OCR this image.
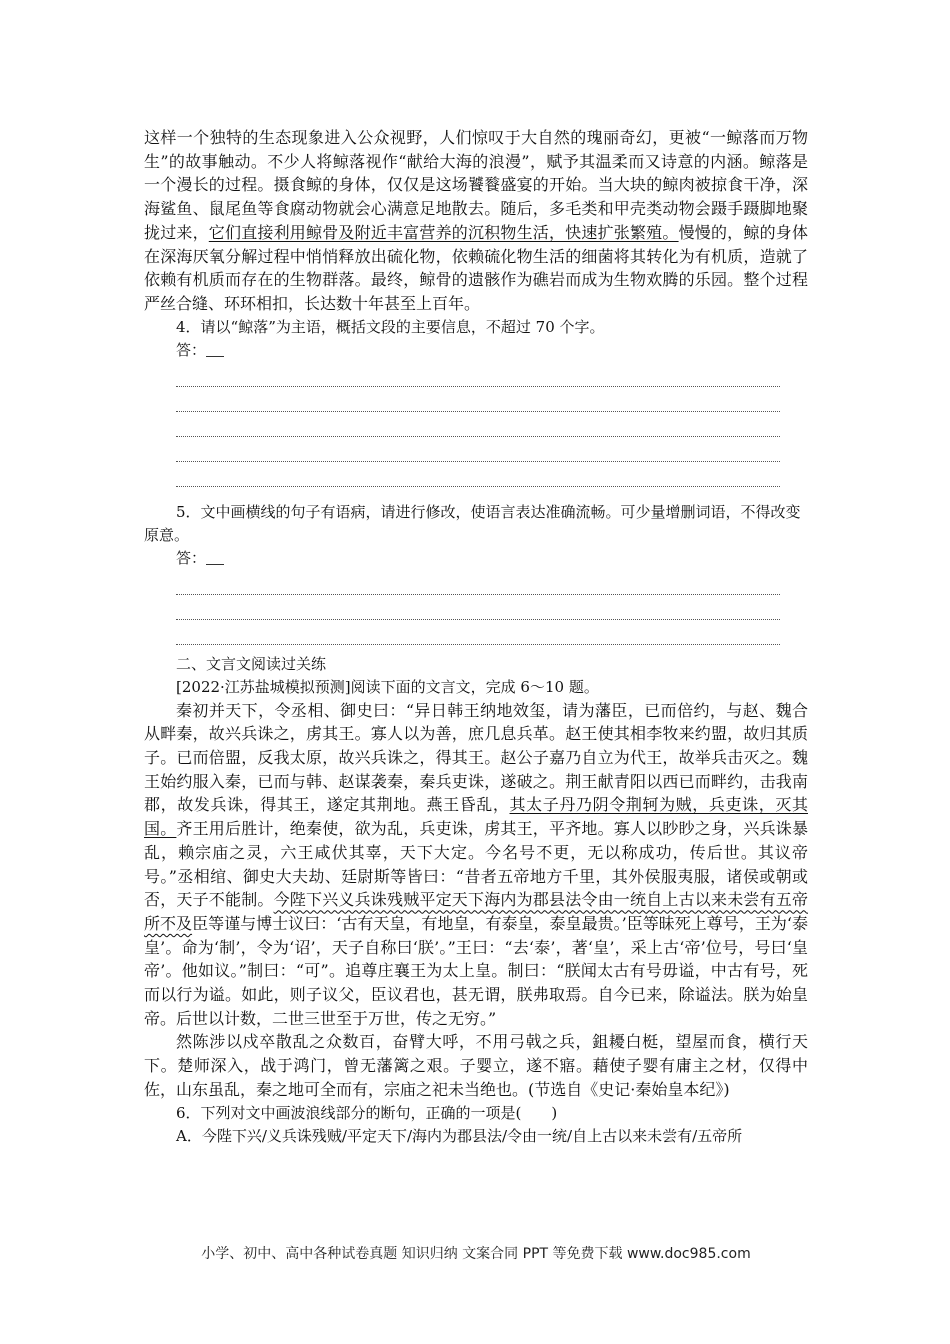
这样一个独特的生态现象进入公众视野，人们惊叹于大自然的瑰丽奇幻，更被“一鲸落而万物生”的故事触动。不少人将鲸落视作“献给大海的浪漫”，赋予其温柔而又诗意的内涵。鲸落是一个漫长的过程。摄食鲸的身体，仅仅是这场饕餮盛宴的开始。当大块的鲸肉被掠食干净，深海鲨鱼、鼠尾鱼等食腐动物就会心满意足地散去。随后，多毛类和甲壳类动物会蹑手蹑脚地聚拢过来，它们直接利用鲸骨及附近丰富营养的沉积物生活，快速扩张繁殖。慢慢的，鲸的身体在深海厌氧分解过程中悄悄释放出硫化物，依赖硫化物生活的细菌将其转化为有机质，造就了依赖有机质而存在的生物群落。最终，鲸骨的遗骸作为礁岩而成为生物欢腾的乐园。整个过程严丝合缝、环环相扣，长达数十年甚至上百年。

4．请以“鲸落”为主语，概括文段的主要信息，不超过 70 个字。

答：

5．文中画横线的句子有语病，请进行修改，使语言表达准确流畅。可少量增删词语，不得改变原意。

答：

二、文言文阅读过关练

[2022·江苏盐城模拟预测]阅读下面的文言文，完成 6～10 题。

秦初并天下，令丞相、御史曰：“异日韩王纳地效玺，请为藩臣，已而倍约，与赵、魏合从畔秦，故兴兵诛之，虏其王。寡人以为善，庶几息兵革。赵王使其相李牧来约盟，故归其质子。已而倍盟，反我太原，故兴兵诛之，得其王。赵公子嘉乃自立为代王，故举兵击灭之。魏王始约服入秦，已而与韩、赵谋袭秦，秦兵吏诛，遂破之。荆王献青阳以西已而畔约，击我南郡，故发兵诛，得其王，遂定其荆地。燕王昏乱，其太子丹乃阴令荆轲为贼，兵吏诛，灭其国。齐王用后胜计，绝秦使，欲为乱，兵吏诛，虏其王，平齐地。寡人以眇眇之身，兴兵诛暴乱，赖宗庙之灵，六王咸伏其辜，天下大定。今名号不更，无以称成功，传后世。其议帝号。”丞相绾、御史大夫劫、廷尉斯等皆曰：“昔者五帝地方千里，其外侯服夷服，诸侯或朝或否，天子不能制。今陛下兴义兵诛残贼平定天下海内为郡县法令由一统自上古以来未尝有五帝所不及臣等谨与博士议曰：‘古有天皇，有地皇，有泰皇，泰皇最贵。’臣等昧死上尊号，王为‘泰皇’。命为‘制’，令为‘诏’，天子自称曰‘朕’。”王曰：“去‘泰’，著‘皇’，采上古‘帝’位号，号曰‘皇帝’。他如议。”制曰：“可”。追尊庄襄王为太上皇。制曰：“朕闻太古有号毋谥，中古有号，死而以行为谥。如此，则子议父，臣议君也，甚无谓，朕弗取焉。自今已来，除谥法。朕为始皇帝。后世以计数，二世三世至于万世，传之无穷。”

然陈涉以戍卒散乱之众数百，奋臂大呼，不用弓戟之兵，鉏耰白梃，望屋而食，横行天下。楚师深入，战于鸿门，曾无藩篱之艰。子婴立，遂不寤。藉使子婴有庸主之材，仅得中佐，山东虽乱，秦之地可全而有，宗庙之祀未当绝也。(节选自《史记·秦始皇本纪》)

6．下列对文中画波浪线部分的断句，正确的一项是(　　)

A．今陛下兴/义兵诛残贼/平定天下/海内为郡县法/令由一统/自上古以来未尝有/五帝所

小学、初中、高中各种试卷真题 知识归纳 文案合同 PPT 等免费下载 www.doc985.com
